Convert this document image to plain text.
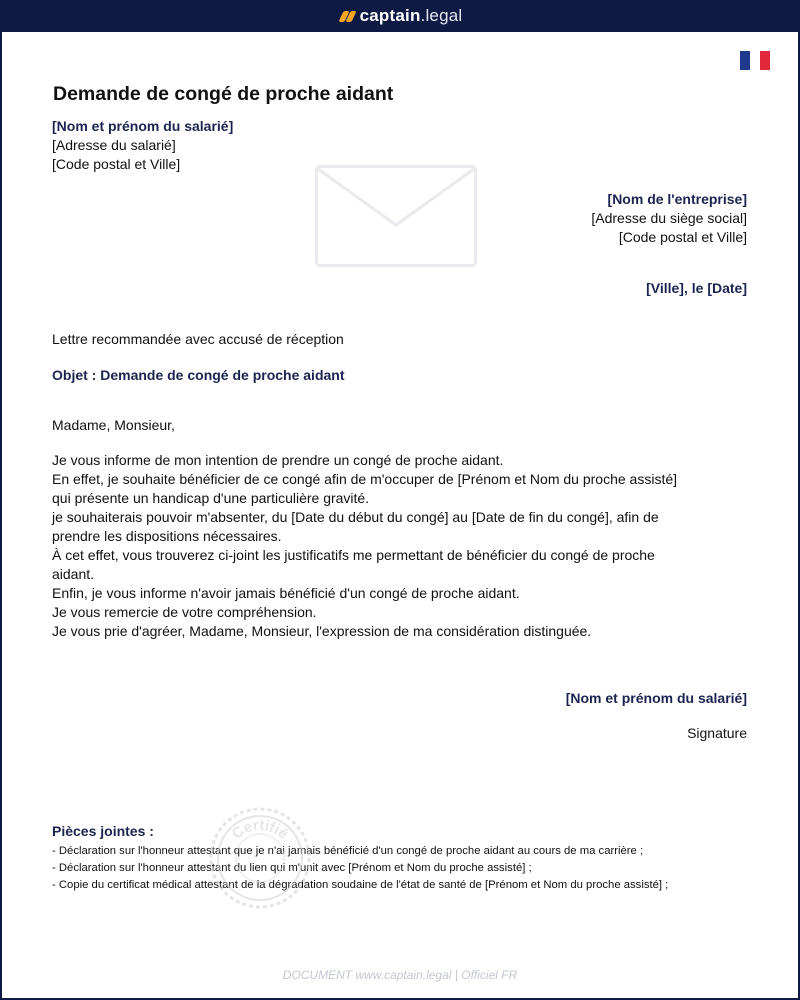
captain.legal
Demande de congé de proche aidant
[Nom et prénom du salarié]
[Adresse du salarié]
[Code postal et Ville]
[Nom de l'entreprise]
[Adresse du siège social]
[Code postal et Ville]
[Ville], le [Date]
Lettre recommandée avec accusé de réception
Objet : Demande de congé de proche aidant
Madame, Monsieur,

Je vous informe de mon intention de prendre un congé de proche aidant.

En effet, je souhaite bénéficier de ce congé afin de m'occuper de [Prénom et Nom du proche assisté]

qui présente un handicap d'une particulière gravité.

je souhaiterais pouvoir m'absenter, du [Date du début du congé] au [Date de fin du congé], afin de

prendre les dispositions nécessaires.

À cet effet, vous trouverez ci-joint les justificatifs me permettant de bénéficier du congé de proche

aidant.

Enfin, je vous informe n'avoir jamais bénéficié d'un congé de proche aidant.

Je vous remercie de votre compréhension.

Je vous prie d'agréer, Madame, Monsieur, l'expression de ma considération distinguée.

[Nom et prénom du salarié]
Signature
Pièces jointes :
- Déclaration sur l'honneur attestant que je n'ai jamais bénéficié d'un congé de proche aidant au cours de ma carrière ;
- Déclaration sur l'honneur attestant du lien qui m'unit avec [Prénom et Nom du proche assisté] ;
- Copie du certificat médical attestant de la dégradation soudaine de l'état de santé de [Prénom et Nom du proche assisté] ;
Certifié
DOCUMENT www.captain.legal | Officiel FR
